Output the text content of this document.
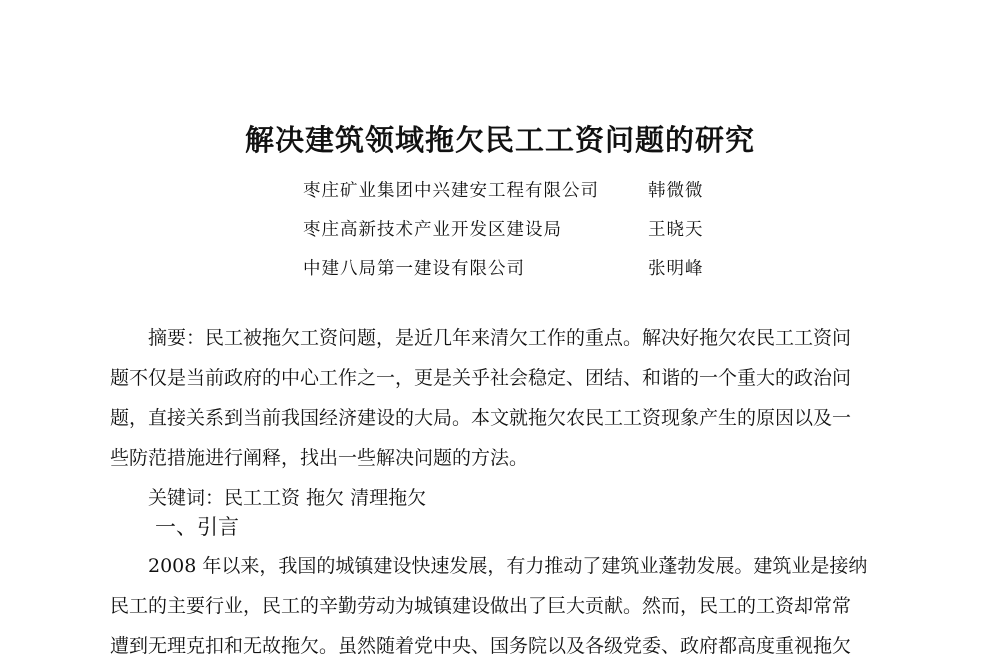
解决建筑领域拖欠民工工资问题的研究
枣庄矿业集团中兴建安工程有限公司	韩微微
枣庄高新技术产业开发区建设局	王晓天
中建八局第一建设有限公司	张明峰
　　摘要：民工被拖欠工资问题，是近几年来清欠工作的重点。解决好拖欠农民工工资问
题不仅是当前政府的中心工作之一，更是关乎社会稳定、团结、和谐的一个重大的政治问
题，直接关系到当前我国经济建设的大局。本文就拖欠农民工工资现象产生的原因以及一
些防范措施进行阐释，找出一些解决问题的方法。
关键词：民工工资 拖欠 清理拖欠
一、引言
　　2008 年以来，我国的城镇建设快速发展，有力推动了建筑业蓬勃发展。建筑业是接纳
民工的主要行业，民工的辛勤劳动为城镇建设做出了巨大贡献。然而，民工的工资却常常
遭到无理克扣和无故拖欠。虽然随着党中央、国务院以及各级党委、政府都高度重视拖欠
